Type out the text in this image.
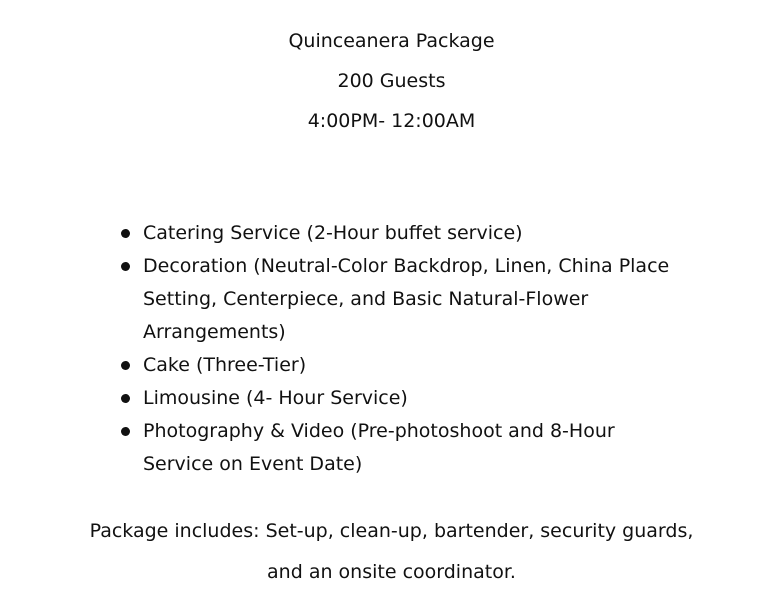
Quinceanera Package
200 Guests
4:00PM- 12:00AM
Catering Service (2-Hour buffet service)
Decoration (Neutral-Color Backdrop, Linen, China Place
Setting, Centerpiece, and Basic Natural-Flower
Arrangements)
Cake (Three-Tier)
Limousine (4- Hour Service)
Photography & Video (Pre-photoshoot and 8-Hour
Service on Event Date)
Package includes: Set-up, clean-up, bartender, security guards,
and an onsite coordinator.
